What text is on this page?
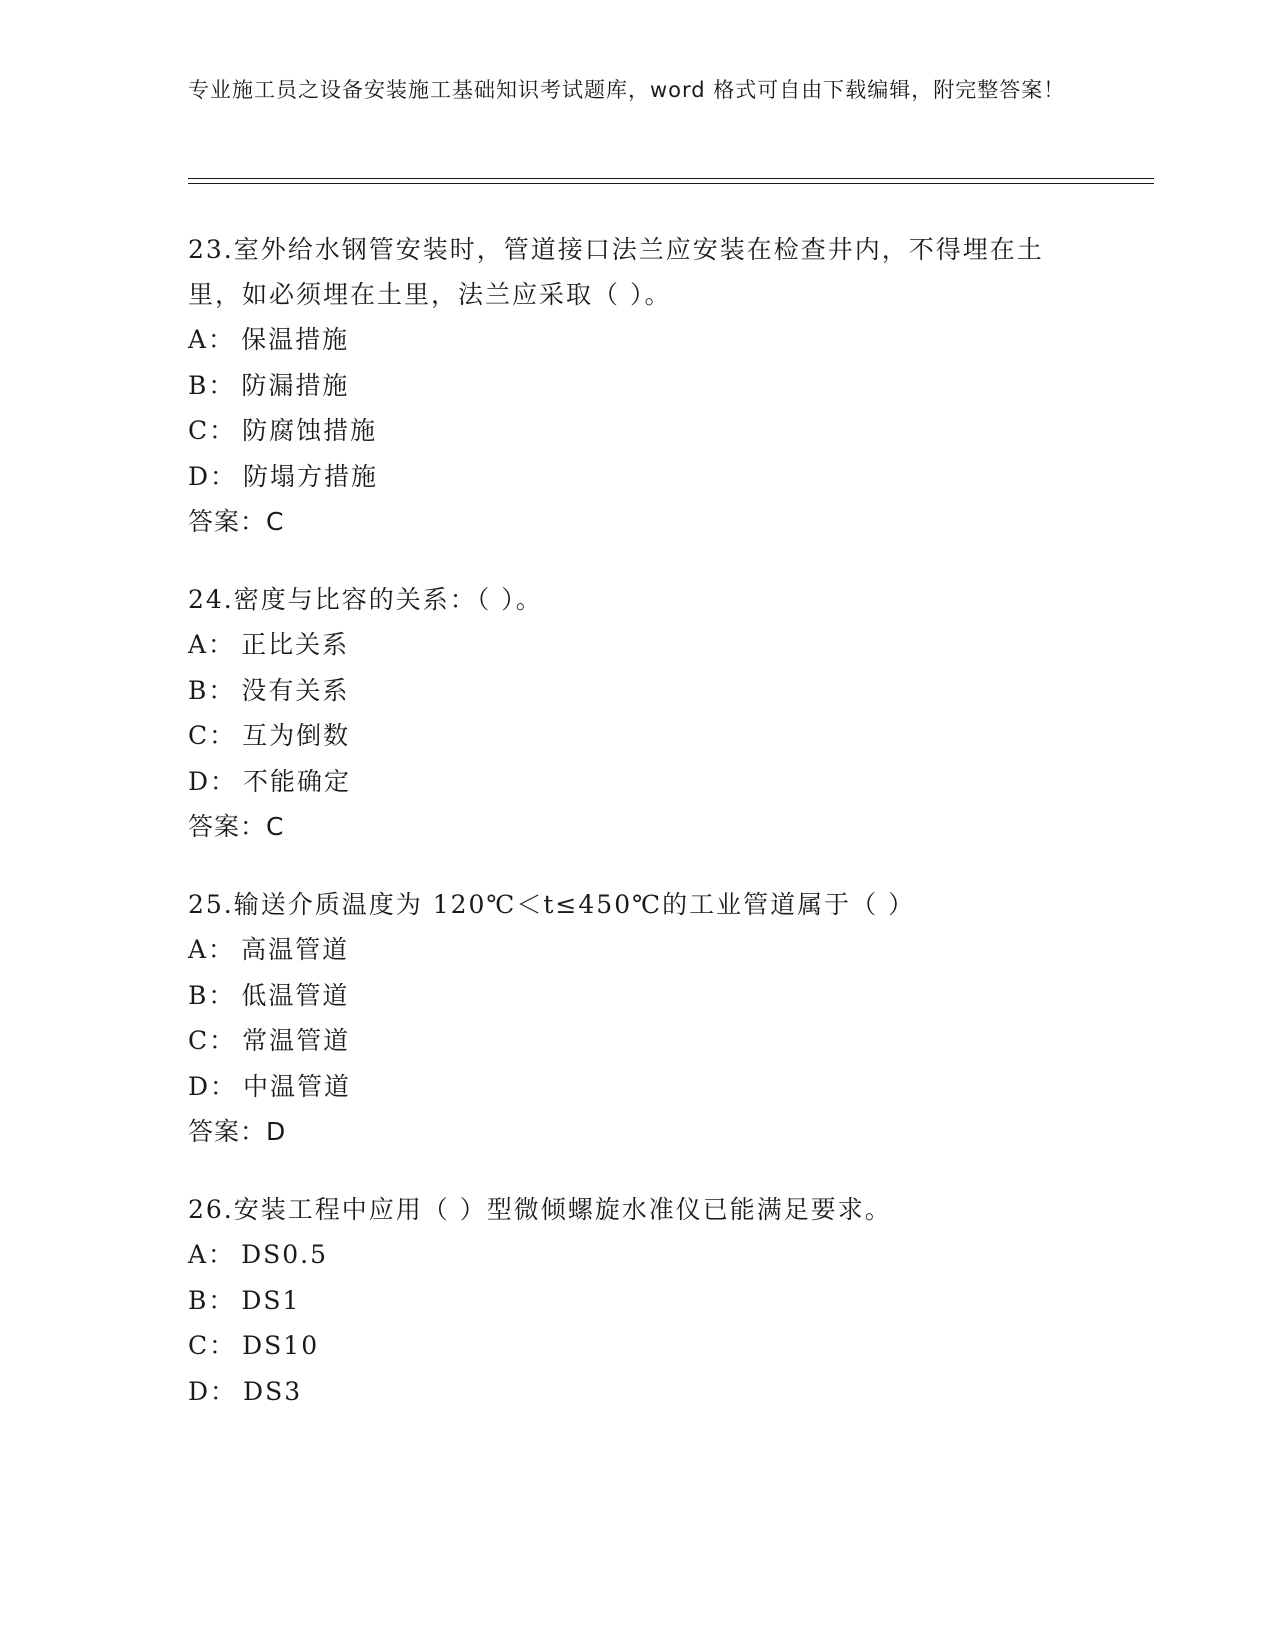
专业施工员之设备安装施工基础知识考试题库，word 格式可自由下载编辑，附完整答案！
23.室外给水钢管安装时，管道接口法兰应安装在检查井内，不得埋在土里，如必须埋在土里，法兰应采取（ ）。
A： 保温措施
B： 防漏措施
C： 防腐蚀措施
D： 防塌方措施
答案：C
24.密度与比容的关系：（ ）。
A： 正比关系
B： 没有关系
C： 互为倒数
D： 不能确定
答案：C
25.输送介质温度为 120℃＜t≤450℃的工业管道属于（ ）
A： 高温管道
B： 低温管道
C： 常温管道
D： 中温管道
答案：D
26.安装工程中应用（ ）型微倾螺旋水准仪已能满足要求。
A： DS0.5
B： DS1
C： DS10
D： DS3
